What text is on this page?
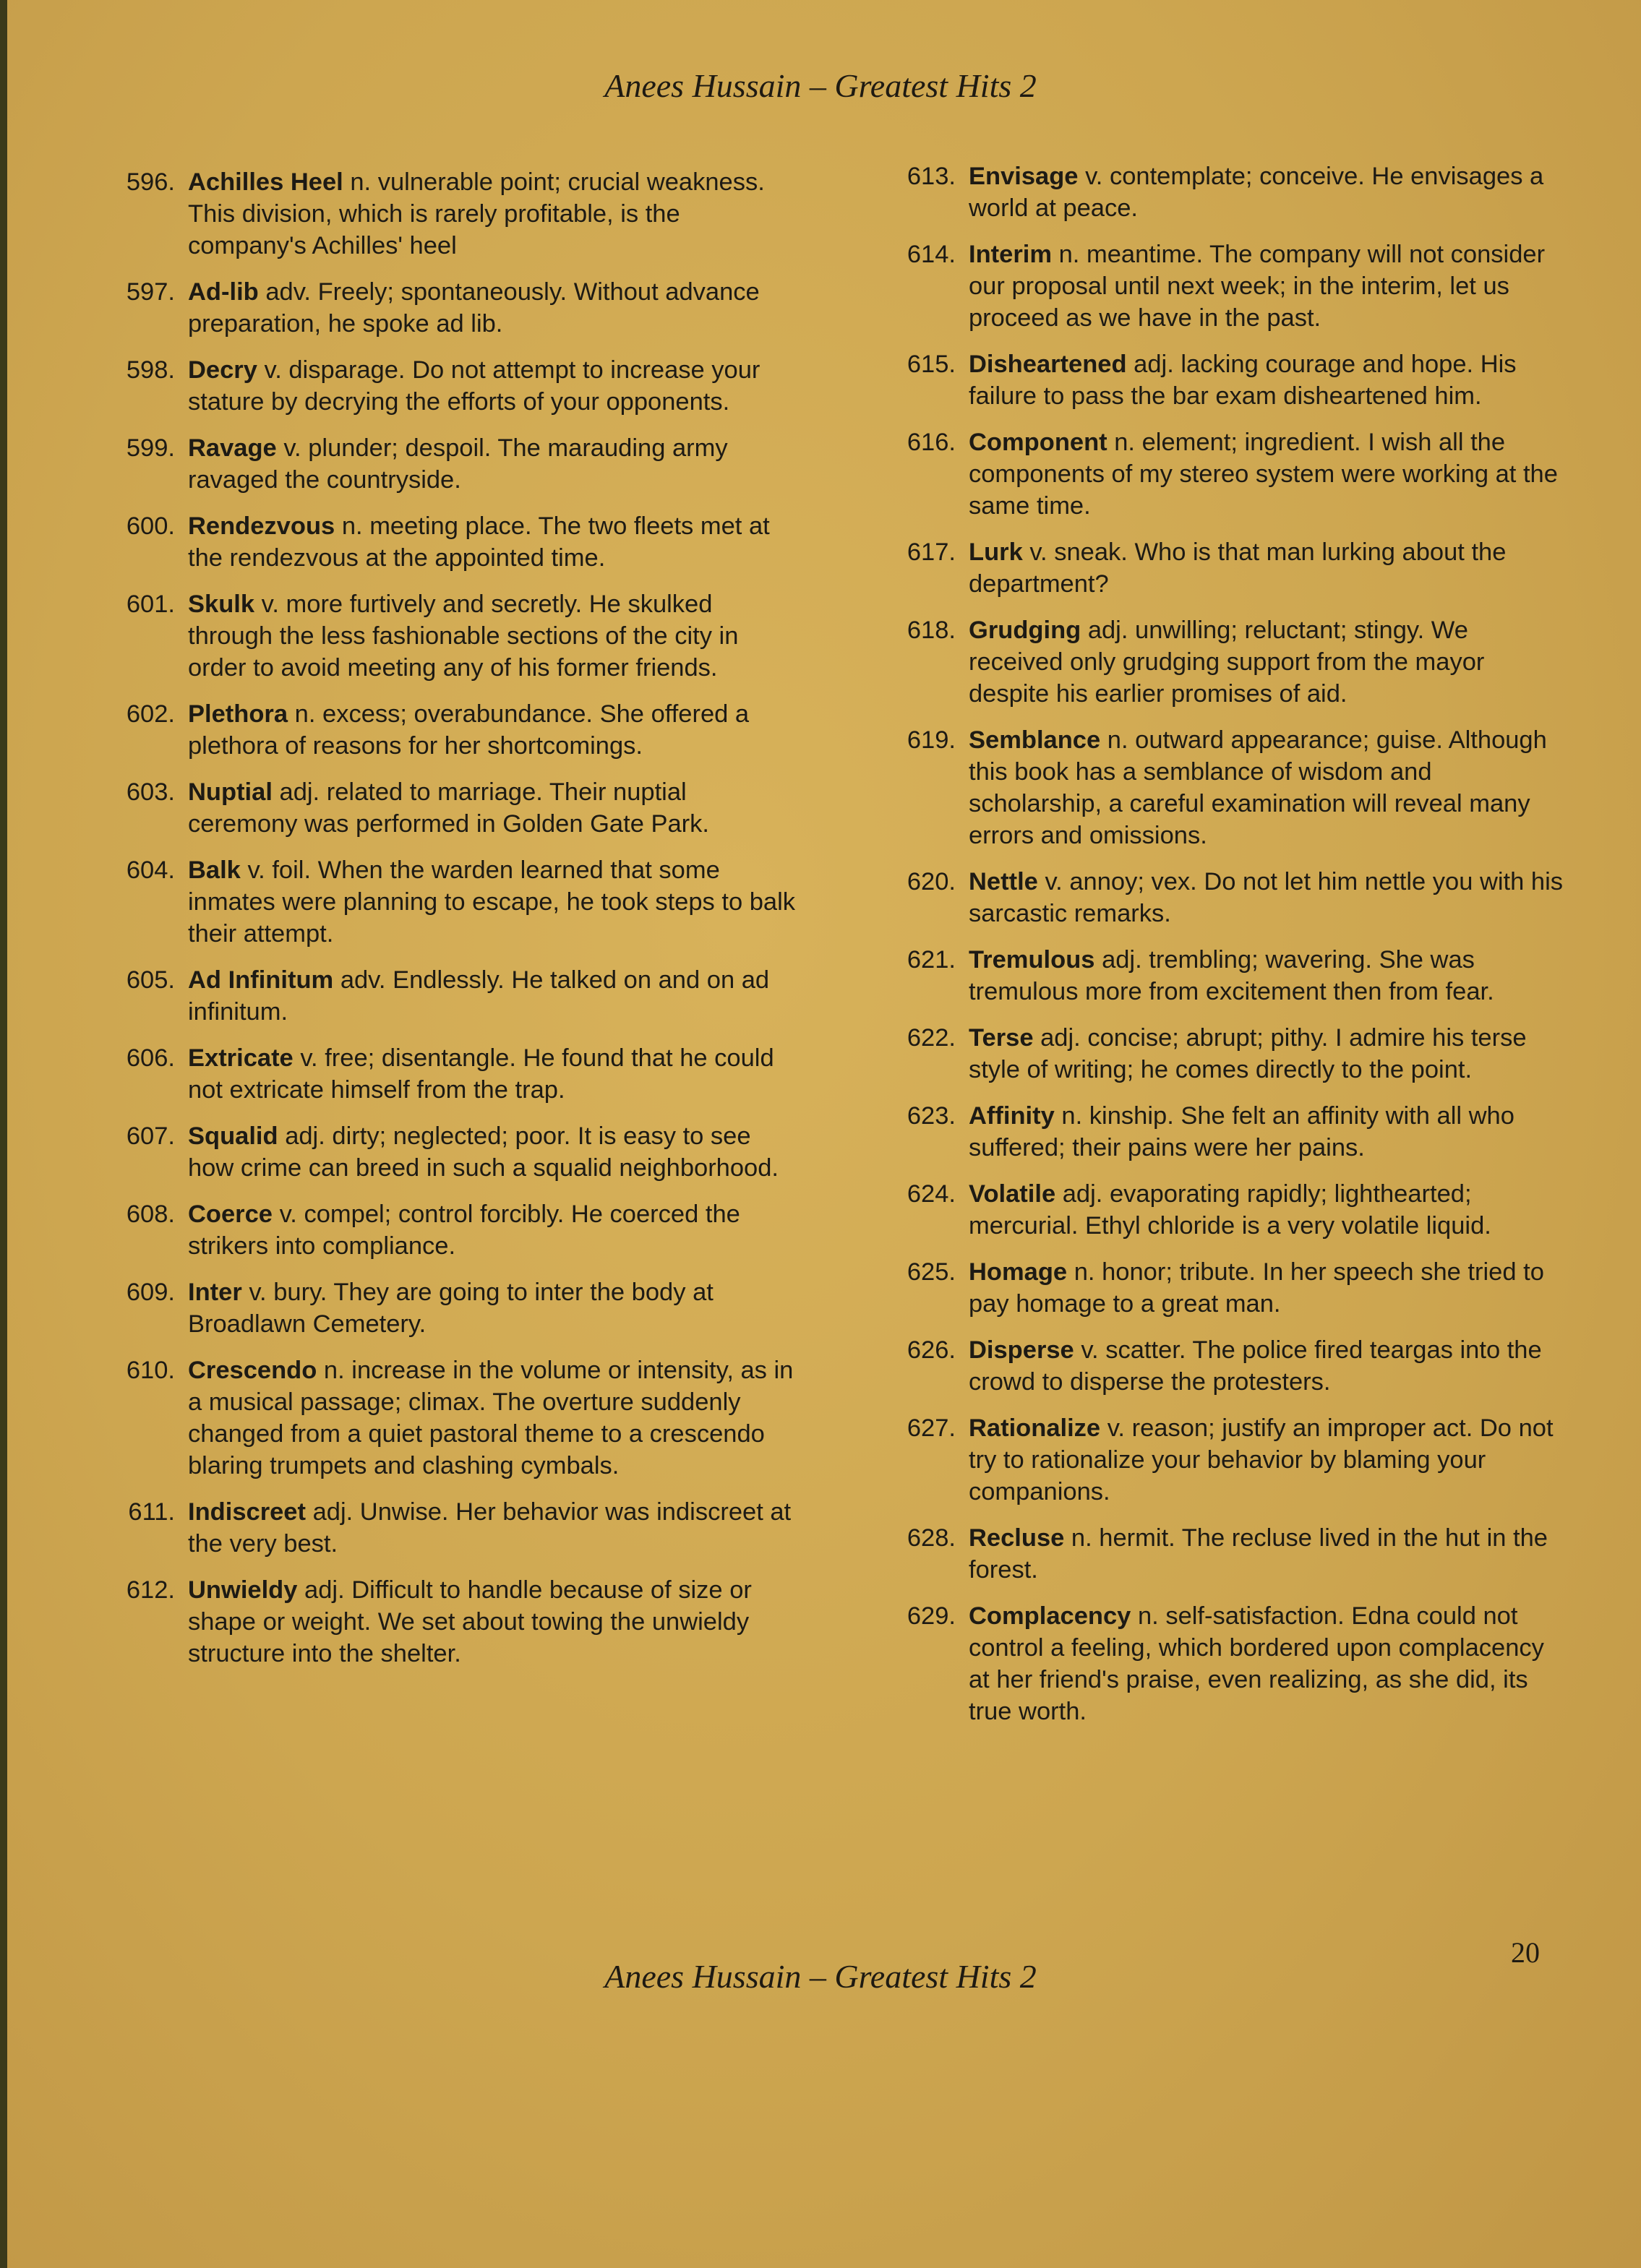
Anees Hussain – Greatest Hits 2
596. Achilles Heel n. vulnerable point; crucial weakness. This division, which is rarely profitable, is the company's Achilles' heel
597. Ad-lib adv. Freely; spontaneously. Without advance preparation, he spoke ad lib.
598. Decry v. disparage. Do not attempt to increase your stature by decrying the efforts of your opponents.
599. Ravage v. plunder; despoil. The marauding army ravaged the countryside.
600. Rendezvous n. meeting place. The two fleets met at the rendezvous at the appointed time.
601. Skulk v. more furtively and secretly. He skulked through the less fashionable sections of the city in order to avoid meeting any of his former friends.
602. Plethora n. excess; overabundance. She offered a plethora of reasons for her shortcomings.
603. Nuptial adj. related to marriage. Their nuptial ceremony was performed in Golden Gate Park.
604. Balk v. foil. When the warden learned that some inmates were planning to escape, he took steps to balk their attempt.
605. Ad Infinitum adv. Endlessly. He talked on and on ad infinitum.
606. Extricate v. free; disentangle. He found that he could not extricate himself from the trap.
607. Squalid adj. dirty; neglected; poor. It is easy to see how crime can breed in such a squalid neighborhood.
608. Coerce v. compel; control forcibly. He coerced the strikers into compliance.
609. Inter v. bury. They are going to inter the body at Broadlawn Cemetery.
610. Crescendo n. increase in the volume or intensity, as in a musical passage; climax. The overture suddenly changed from a quiet pastoral theme to a crescendo blaring trumpets and clashing cymbals.
611. Indiscreet adj. Unwise. Her behavior was indiscreet at the very best.
612. Unwieldy adj. Difficult to handle because of size or shape or weight. We set about towing the unwieldy structure into the shelter.
613. Envisage v. contemplate; conceive. He envisages a world at peace.
614. Interim n. meantime. The company will not consider our proposal until next week; in the interim, let us proceed as we have in the past.
615. Disheartened adj. lacking courage and hope. His failure to pass the bar exam disheartened him.
616. Component n. element; ingredient. I wish all the components of my stereo system were working at the same time.
617. Lurk v. sneak. Who is that man lurking about the department?
618. Grudging adj. unwilling; reluctant; stingy. We received only grudging support from the mayor despite his earlier promises of aid.
619. Semblance n. outward appearance; guise. Although this book has a semblance of wisdom and scholarship, a careful examination will reveal many errors and omissions.
620. Nettle v. annoy; vex. Do not let him nettle you with his sarcastic remarks.
621. Tremulous adj. trembling; wavering. She was tremulous more from excitement then from fear.
622. Terse adj. concise; abrupt; pithy. I admire his terse style of writing; he comes directly to the point.
623. Affinity n. kinship. She felt an affinity with all who suffered; their pains were her pains.
624. Volatile adj. evaporating rapidly; lighthearted; mercurial. Ethyl chloride is a very volatile liquid.
625. Homage n. honor; tribute. In her speech she tried to pay homage to a great man.
626. Disperse v. scatter. The police fired teargas into the crowd to disperse the protesters.
627. Rationalize v. reason; justify an improper act. Do not try to rationalize your behavior by blaming your companions.
628. Recluse n. hermit. The recluse lived in the hut in the forest.
629. Complacency n. self-satisfaction. Edna could not control a feeling, which bordered upon complacency at her friend's praise, even realizing, as she did, its true worth.
Anees Hussain – Greatest Hits 2
20
